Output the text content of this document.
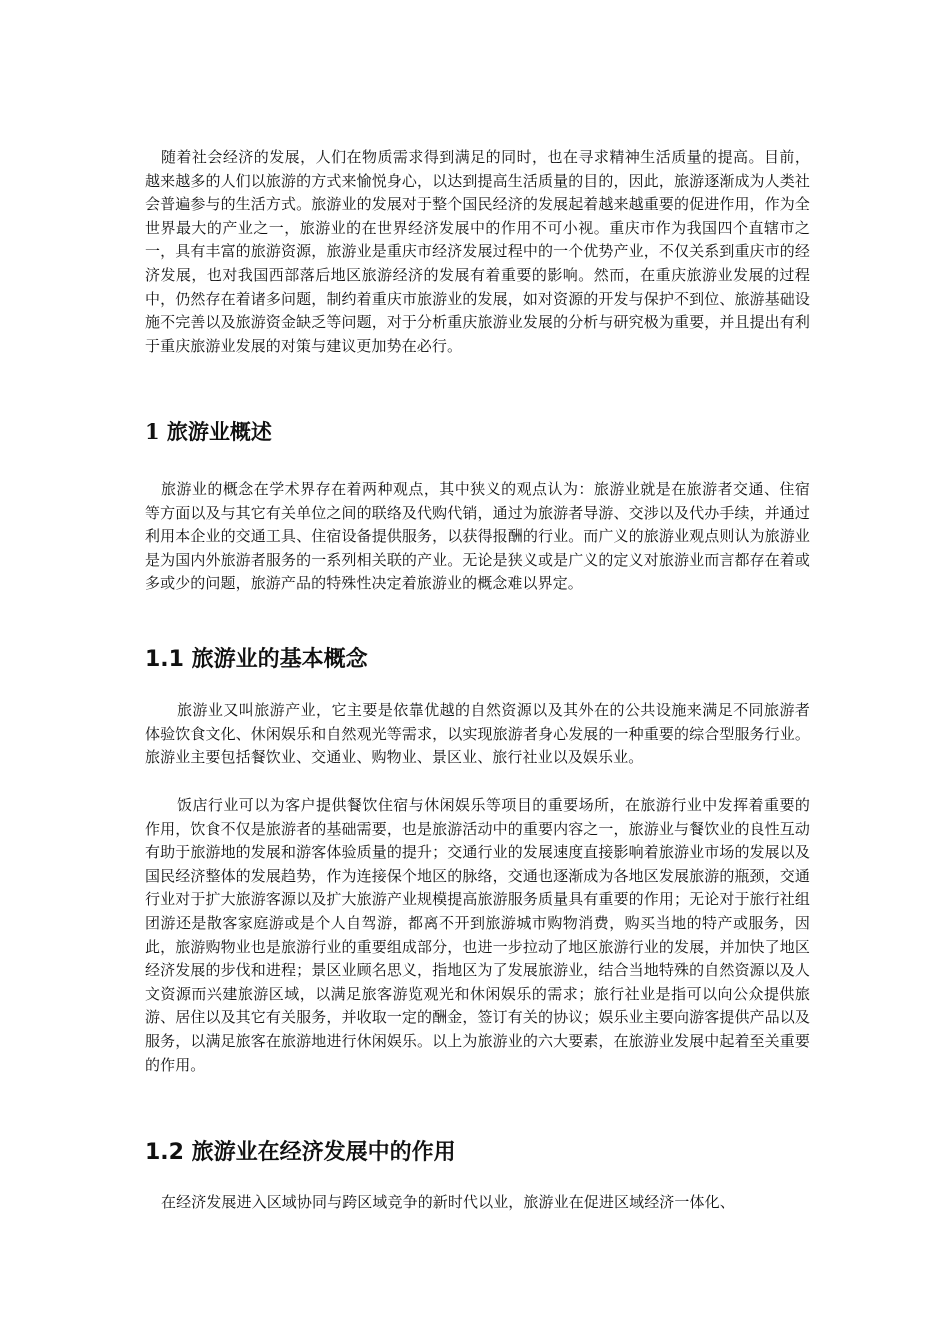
随着社会经济的发展，人们在物质需求得到满足的同时，也在寻求精神生活质量的提高。目前，越来越多的人们以旅游的方式来愉悦身心，以达到提高生活质量的目的，因此，旅游逐渐成为人类社会普遍参与的生活方式。旅游业的发展对于整个国民经济的发展起着越来越重要的促进作用，作为全世界最大的产业之一，旅游业的在世界经济发展中的作用不可小视。重庆市作为我国四个直辖市之一，具有丰富的旅游资源，旅游业是重庆市经济发展过程中的一个优势产业，不仅关系到重庆市的经济发展，也对我国西部落后地区旅游经济的发展有着重要的影响。然而，在重庆旅游业发展的过程中，仍然存在着诸多问题，制约着重庆市旅游业的发展，如对资源的开发与保护不到位、旅游基础设施不完善以及旅游资金缺乏等问题，对于分析重庆旅游业发展的分析与研究极为重要，并且提出有利于重庆旅游业发展的对策与建议更加势在必行。

1 旅游业概述

旅游业的概念在学术界存在着两种观点，其中狭义的观点认为：旅游业就是在旅游者交通、住宿等方面以及与其它有关单位之间的联络及代购代销，通过为旅游者导游、交涉以及代办手续，并通过利用本企业的交通工具、住宿设备提供服务，以获得报酬的行业。而广义的旅游业观点则认为旅游业是为国内外旅游者服务的一系列相关联的产业。无论是狭义或是广义的定义对旅游业而言都存在着或多或少的问题，旅游产品的特殊性决定着旅游业的概念难以界定。

1.1 旅游业的基本概念

旅游业又叫旅游产业，它主要是依靠优越的自然资源以及其外在的公共设施来满足不同旅游者体验饮食文化、休闲娱乐和自然观光等需求，以实现旅游者身心发展的一种重要的综合型服务行业。旅游业主要包括餐饮业、交通业、购物业、景区业、旅行社业以及娱乐业。

饭店行业可以为客户提供餐饮住宿与休闲娱乐等项目的重要场所，在旅游行业中发挥着重要的作用，饮食不仅是旅游者的基础需要，也是旅游活动中的重要内容之一，旅游业与餐饮业的良性互动有助于旅游地的发展和游客体验质量的提升；交通行业的发展速度直接影响着旅游业市场的发展以及国民经济整体的发展趋势，作为连接保个地区的脉络，交通也逐渐成为各地区发展旅游的瓶颈，交通行业对于扩大旅游客源以及扩大旅游产业规模提高旅游服务质量具有重要的作用；无论对于旅行社组团游还是散客家庭游或是个人自驾游，都离不开到旅游城市购物消费，购买当地的特产或服务，因此，旅游购物业也是旅游行业的重要组成部分，也进一步拉动了地区旅游行业的发展，并加快了地区经济发展的步伐和进程；景区业顾名思义，指地区为了发展旅游业，结合当地特殊的自然资源以及人文资源而兴建旅游区域，以满足旅客游览观光和休闲娱乐的需求；旅行社业是指可以向公众提供旅游、居住以及其它有关服务，并收取一定的酬金，签订有关的协议；娱乐业主要向游客提供产品以及服务，以满足旅客在旅游地进行休闲娱乐。以上为旅游业的六大要素，在旅游业发展中起着至关重要的作用。

1.2 旅游业在经济发展中的作用

在经济发展进入区域协同与跨区域竞争的新时代以业，旅游业在促进区域经济一体化、
